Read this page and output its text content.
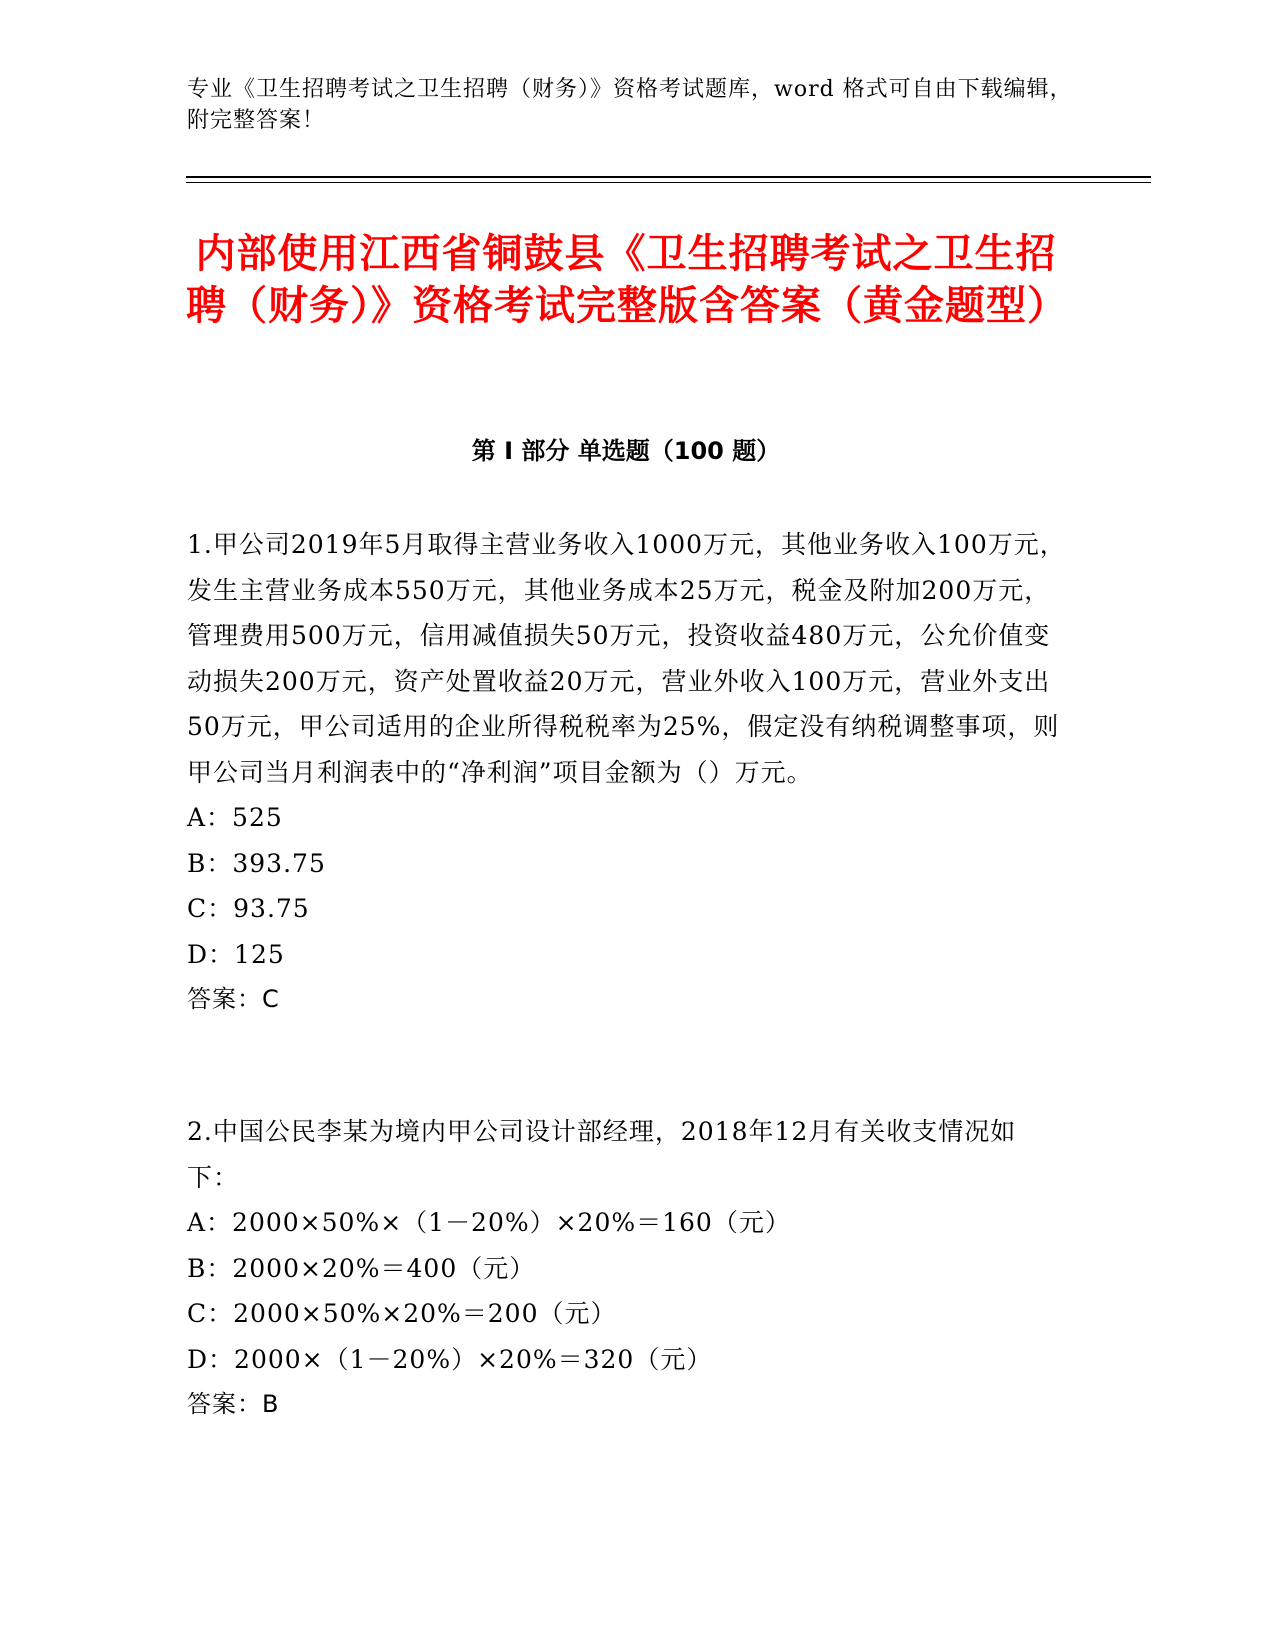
专业《卫生招聘考试之卫生招聘（财务）》资格考试题库，word 格式可自由下载编辑，附完整答案！
内部使用江西省铜鼓县《卫生招聘考试之卫生招聘（财务）》资格考试完整版含答案（黄金题型）
第 I 部分 单选题（100 题）
1.甲公司2019年5月取得主营业务收入1000万元，其他业务收入100万元，发生主营业务成本550万元，其他业务成本25万元，税金及附加200万元，管理费用500万元，信用减值损失50万元，投资收益480万元，公允价值变动损失200万元，资产处置收益20万元，营业外收入100万元，营业外支出50万元，甲公司适用的企业所得税税率为25%，假定没有纳税调整事项，则甲公司当月利润表中的“净利润”项目金额为（）万元。
A：525
B：393.75
C：93.75
D：125
答案：C
2.中国公民李某为境内甲公司设计部经理，2018年12月有关收支情况如下：
A：2000×50%×（1－20%）×20%＝160（元）
B：2000×20%＝400（元）
C：2000×50%×20%＝200（元）
D：2000×（1－20%）×20%＝320（元）
答案：B
